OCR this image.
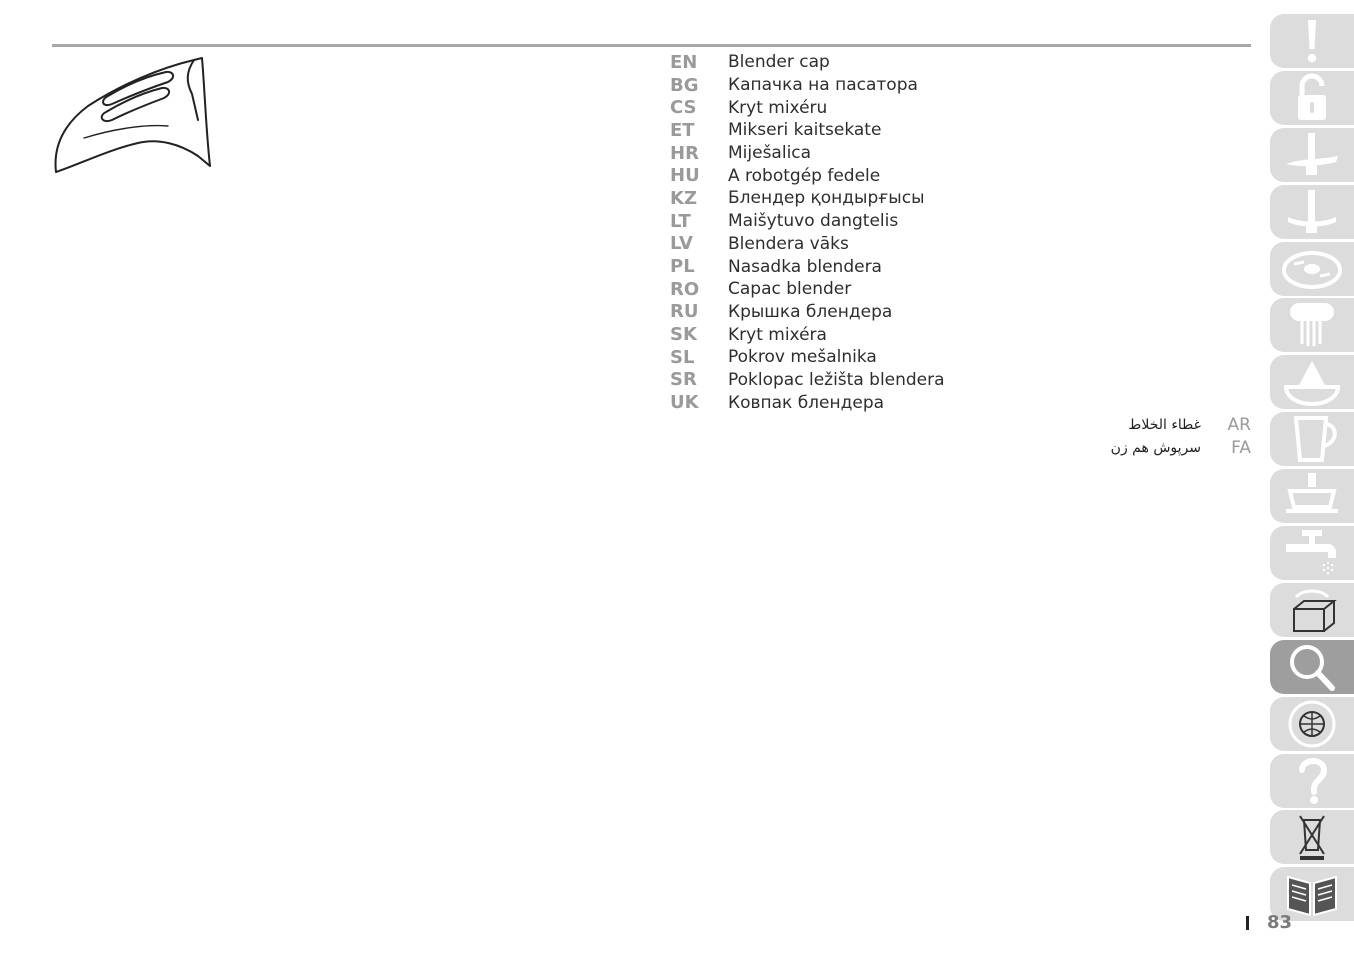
EN	Blender cap
BG	Капачка на пасатора
CS	Kryt mixéru
ET	Mikseri kaitsekate
HR	Miješalica
HU	A robotgép fedele
KZ	Блендер қондырғысы
LT	Maišytuvo dangtelis
LV	Blendera vāks
PL	Nasadka blendera
RO	Capac blender
RU	Крышка блендера
SK	Kryt mixéra
SL	Pokrov mešalnika
SR	Poklopac ležišta blendera
UK	Ковпак блендера
غطاء الخلاط AR
سرپوش هم زن	FA
83
